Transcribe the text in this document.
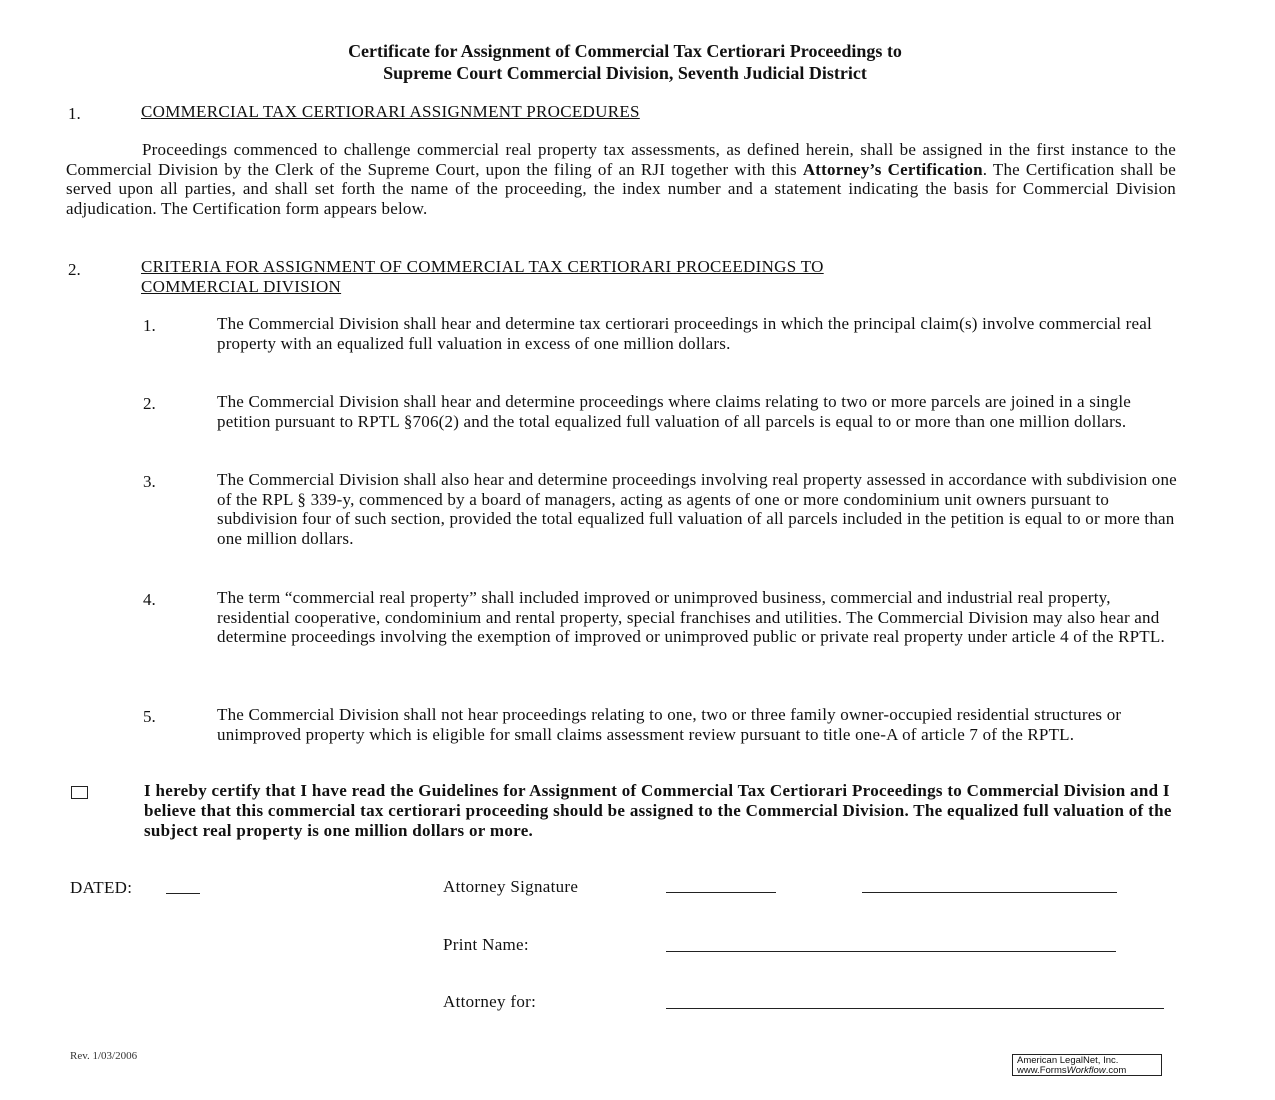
Certificate for Assignment of Commercial Tax Certiorari Proceedings to
Supreme Court Commercial Division, Seventh Judicial District
1.	COMMERCIAL TAX CERTIORARI ASSIGNMENT PROCEDURES
Proceedings commenced to challenge commercial real property tax assessments, as defined herein, shall be assigned in the first instance to the Commercial Division by the Clerk of the Supreme Court, upon the filing of an RJI together with this Attorney’s Certification. The Certification shall be served upon all parties, and shall set forth the name of the proceeding, the index number and a statement indicating the basis for Commercial Division adjudication. The Certification form appears below.
2.	CRITERIA FOR ASSIGNMENT OF COMMERCIAL TAX CERTIORARI PROCEEDINGS TO
COMMERCIAL DIVISION
1.	The Commercial Division shall hear and determine tax certiorari proceedings in which the principal claim(s) involve commercial real property with an equalized full valuation in excess of one million dollars.
2.	The Commercial Division shall hear and determine proceedings where claims relating to two or more parcels are joined in a single petition pursuant to RPTL §706(2) and the total equalized full valuation of all parcels is equal to or more than one million dollars.
3.	The Commercial Division shall also hear and determine proceedings involving real property assessed in accordance with subdivision one of the RPL § 339-y, commenced by a board of managers, acting as agents of one or more condominium unit owners pursuant to subdivision four of such section, provided the total equalized full valuation of all parcels included in the petition is equal to or more than one million dollars.
4.	The term “commercial real property” shall included improved or unimproved business, commercial and industrial real property, residential cooperative, condominium and rental property, special franchises and utilities. The Commercial Division may also hear and determine proceedings involving the exemption of improved or unimproved public or private real property under article 4 of the RPTL.
5.	The Commercial Division shall not hear proceedings relating to one, two or three family owner-occupied residential structures or unimproved property which is eligible for small claims assessment review pursuant to title one-A of article 7 of the RPTL.
I hereby certify that I have read the Guidelines for Assignment of Commercial Tax Certiorari Proceedings to Commercial Division and I believe that this commercial tax certiorari proceeding should be assigned to the Commercial Division. The equalized full valuation of the subject real property is one million dollars or more.
DATED:	Attorney Signature
Print Name:
Attorney for:
Rev. 1/03/2006	American LegalNet, Inc.
www.FormsWorkflow.com
